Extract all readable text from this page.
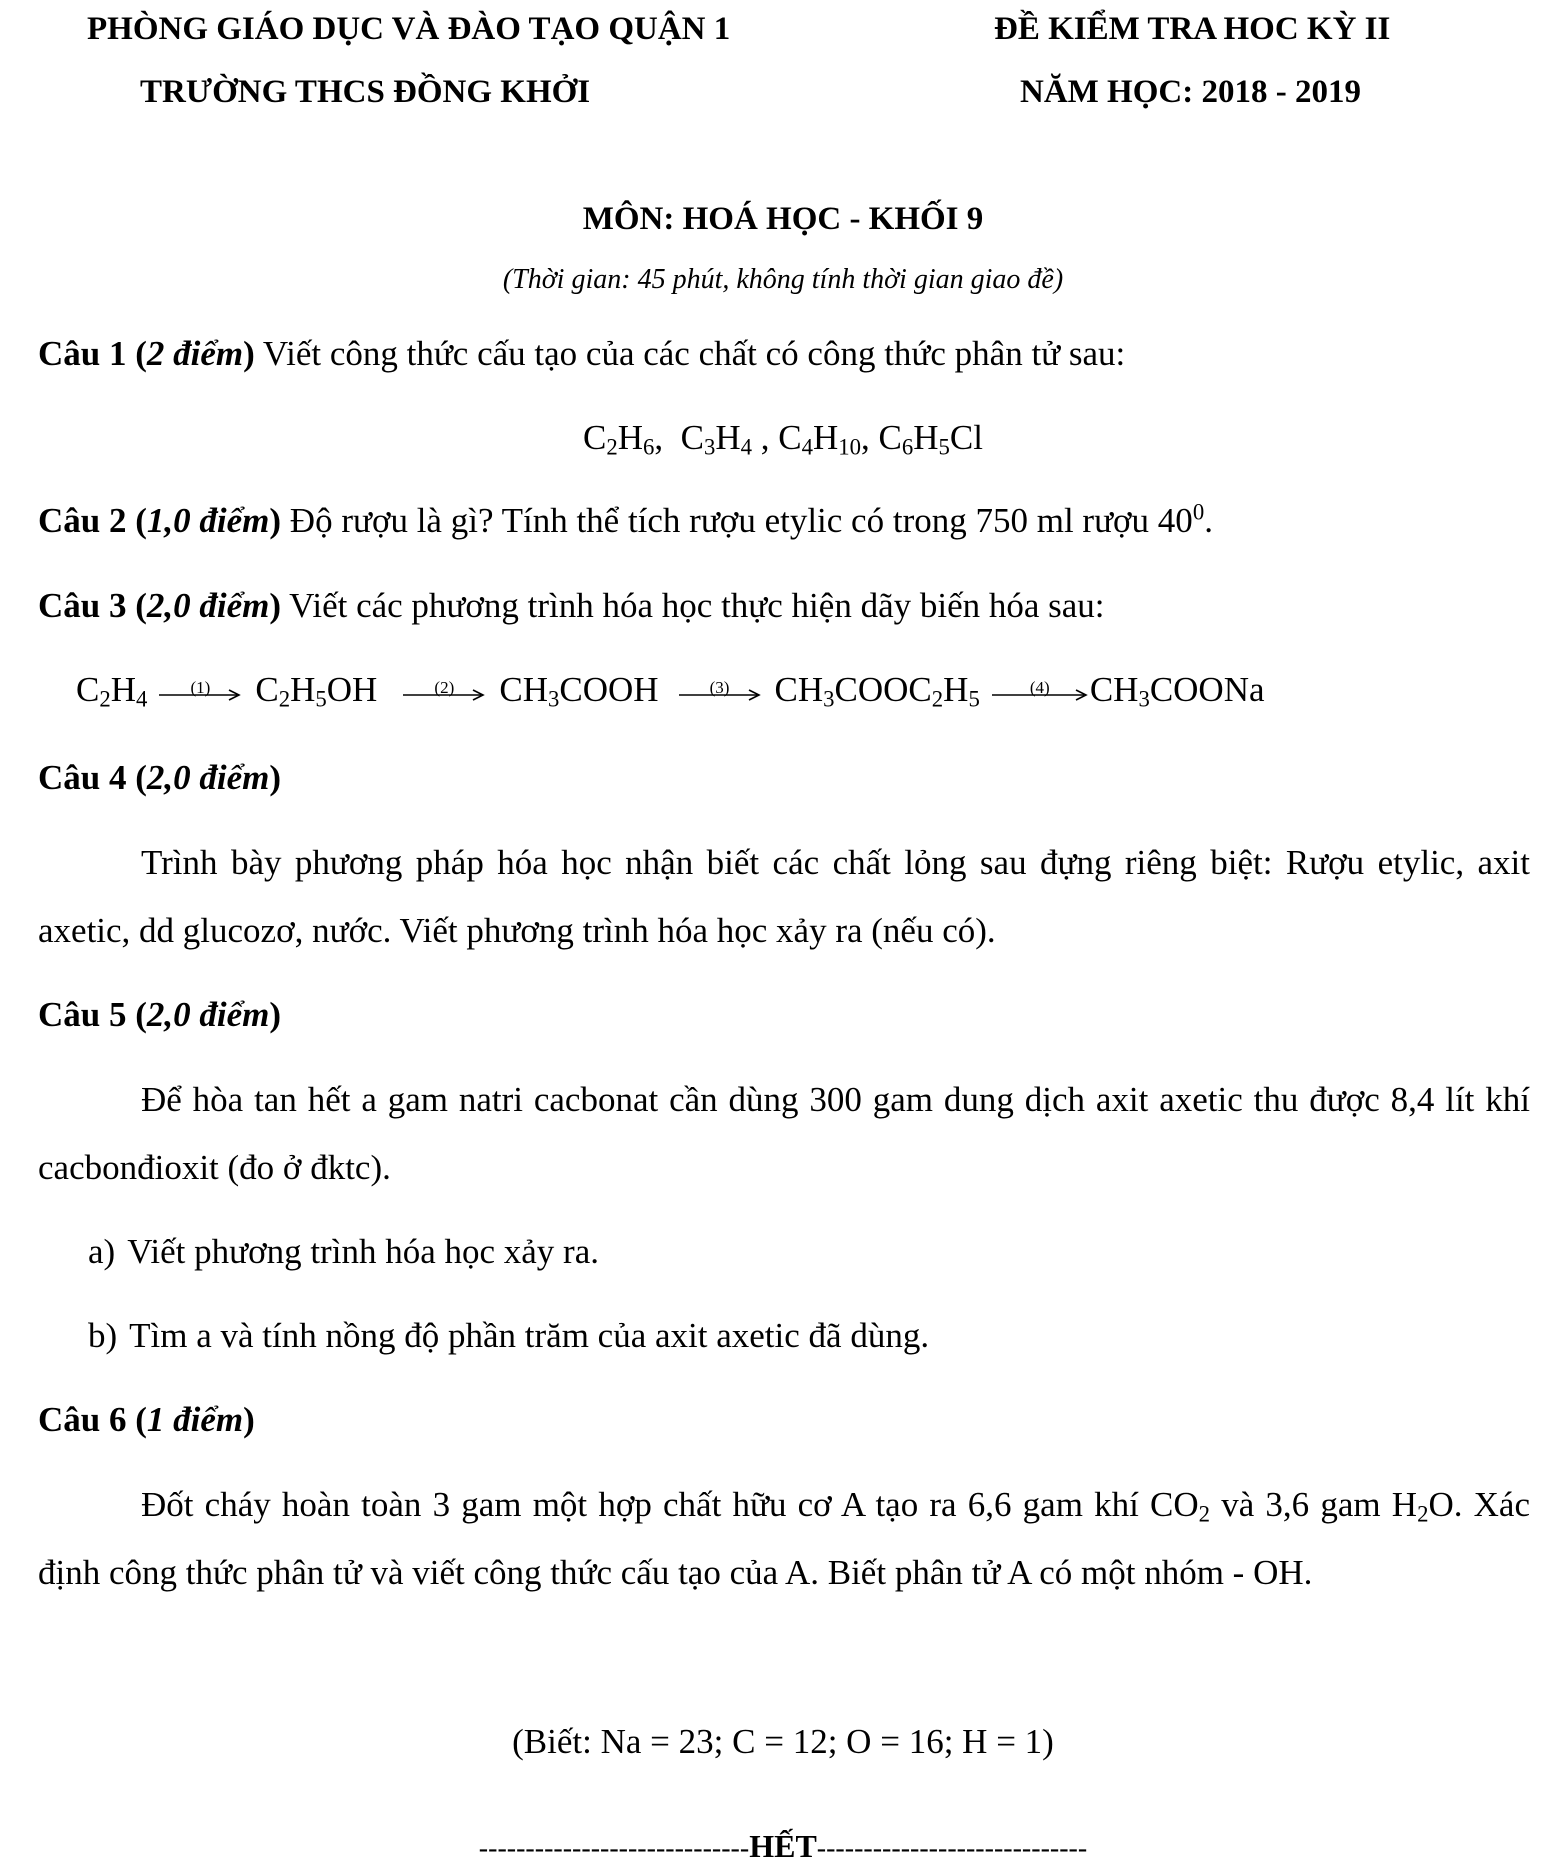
PHÒNG GIÁO DỤC VÀ ĐÀO TẠO QUẬN 1
TRƯỜNG THCS ĐỒNG KHỞI
ĐỀ KIỂM TRA HOC KỲ II
NĂM HỌC: 2018 - 2019
MÔN: HOÁ HỌC - KHỐI 9
(Thời gian: 45 phút, không tính thời gian giao đề)
Câu 1 (2 điểm) Viết công thức cấu tạo của các chất có công thức phân tử sau:
$C_2H_6$,  $C_3H_4$ , $C_4H_{10}$, $C_6H_5Cl$
Câu 2 (1,0 điểm) Độ rượu là gì? Tính thể tích rượu etylic có trong 750 ml rượu $40^0$.
Câu 3 (2,0 điểm) Viết các phương trình hóa học thực hiện dãy biến hóa sau:
$C_2H_4$	(1)	$C_2H_5OH$	(2)	$CH_3COOH$	(3)	$CH_3COOC_2H_5$	(4)	$CH_3COONa$
Câu 4 (2,0 điểm)
Trình bày phương pháp hóa học nhận biết các chất lỏng sau đựng riêng biệt: Rượu etylic, axit axetic, dd glucozơ, nước. Viết phương trình hóa học xảy ra (nếu có).
Câu 5 (2,0 điểm)
Để hòa tan hết a gam natri cacbonat cần dùng 300 gam dung dịch axit axetic thu được 8,4 lít khí cacbonđioxit (đo ở đktc).
a) Viết phương trình hóa học xảy ra.
b) Tìm a và tính nồng độ phần trăm của axit axetic đã dùng.
Câu 6 (1 điểm)
Đốt cháy hoàn toàn 3 gam một hợp chất hữu cơ A tạo ra 6,6 gam khí $CO_2$ và 3,6 gam $H_2O$. Xác định công thức phân tử và viết công thức cấu tạo của A. Biết phân tử A có một nhóm - OH.
(Biết: Na = 23; C = 12; O = 16; H = 1)
-----------------------------HẾT-----------------------------
